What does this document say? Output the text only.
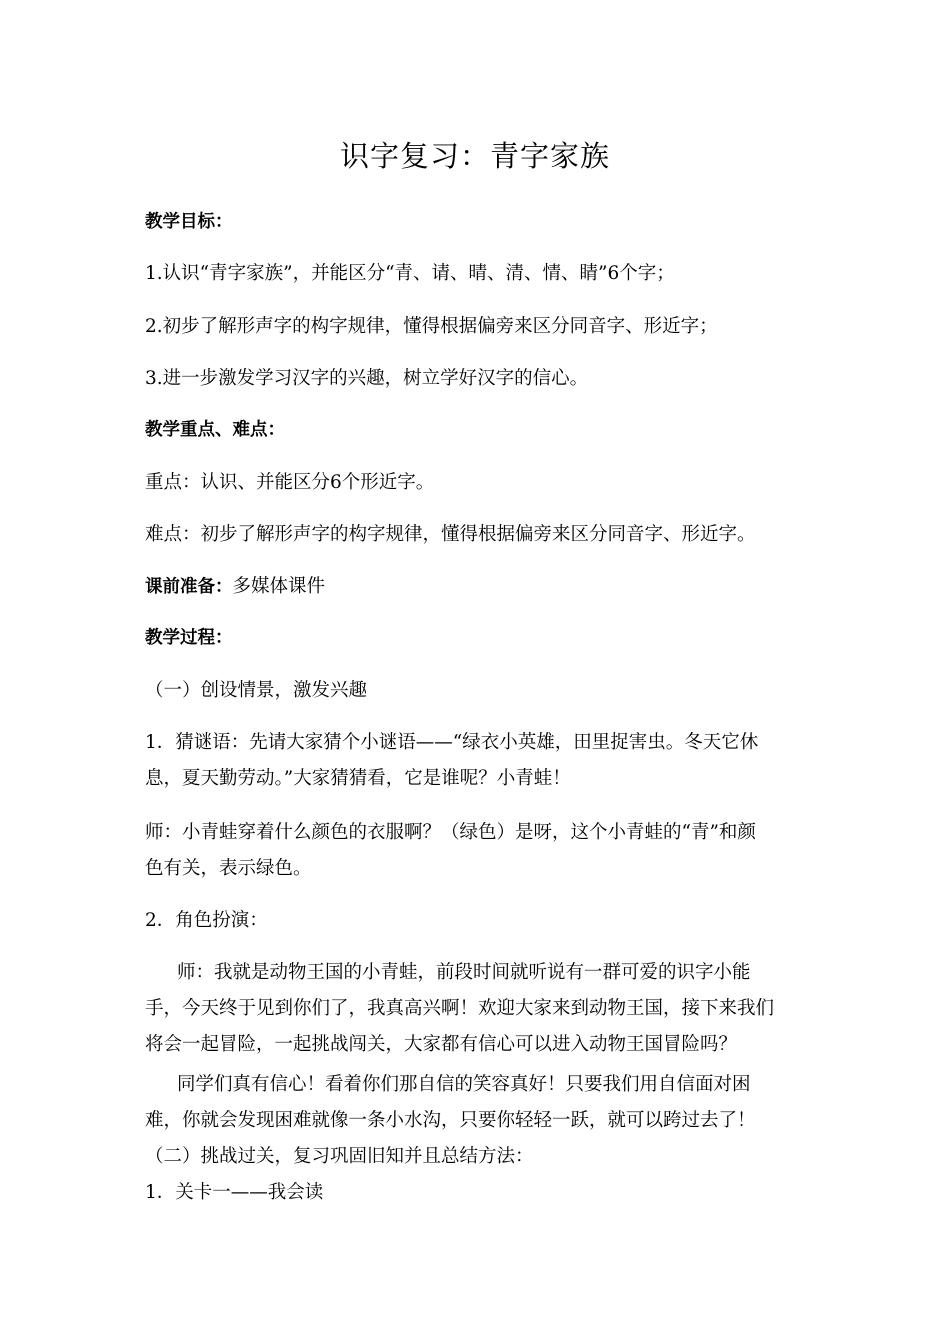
识字复习：青字家族
教学目标：
1.认识“青字家族”，并能区分“青、请、晴、清、情、睛”6个字；
2.初步了解形声字的构字规律，懂得根据偏旁来区分同音字、形近字；
3.进一步激发学习汉字的兴趣，树立学好汉字的信心。
教学重点、难点：
重点：认识、并能区分6个形近字。
难点：初步了解形声字的构字规律，懂得根据偏旁来区分同音字、形近字。
课前准备：多媒体课件
教学过程：
（一）创设情景，激发兴趣
1．猜谜语：先请大家猜个小谜语——“绿衣小英雄，田里捉害虫。冬天它休
息，夏天勤劳动。”大家猜猜看，它是谁呢？小青蛙！
师：小青蛙穿着什么颜色的衣服啊？（绿色）是呀，这个小青蛙的“青”和颜
色有关，表示绿色。
2．角色扮演：
师：我就是动物王国的小青蛙，前段时间就听说有一群可爱的识字小能
手，今天终于见到你们了，我真高兴啊！欢迎大家来到动物王国，接下来我们
将会一起冒险，一起挑战闯关，大家都有信心可以进入动物王国冒险吗？
同学们真有信心！看着你们那自信的笑容真好！只要我们用自信面对困
难，你就会发现困难就像一条小水沟，只要你轻轻一跃，就可以跨过去了！
（二）挑战过关，复习巩固旧知并且总结方法：
1．关卡一——我会读
